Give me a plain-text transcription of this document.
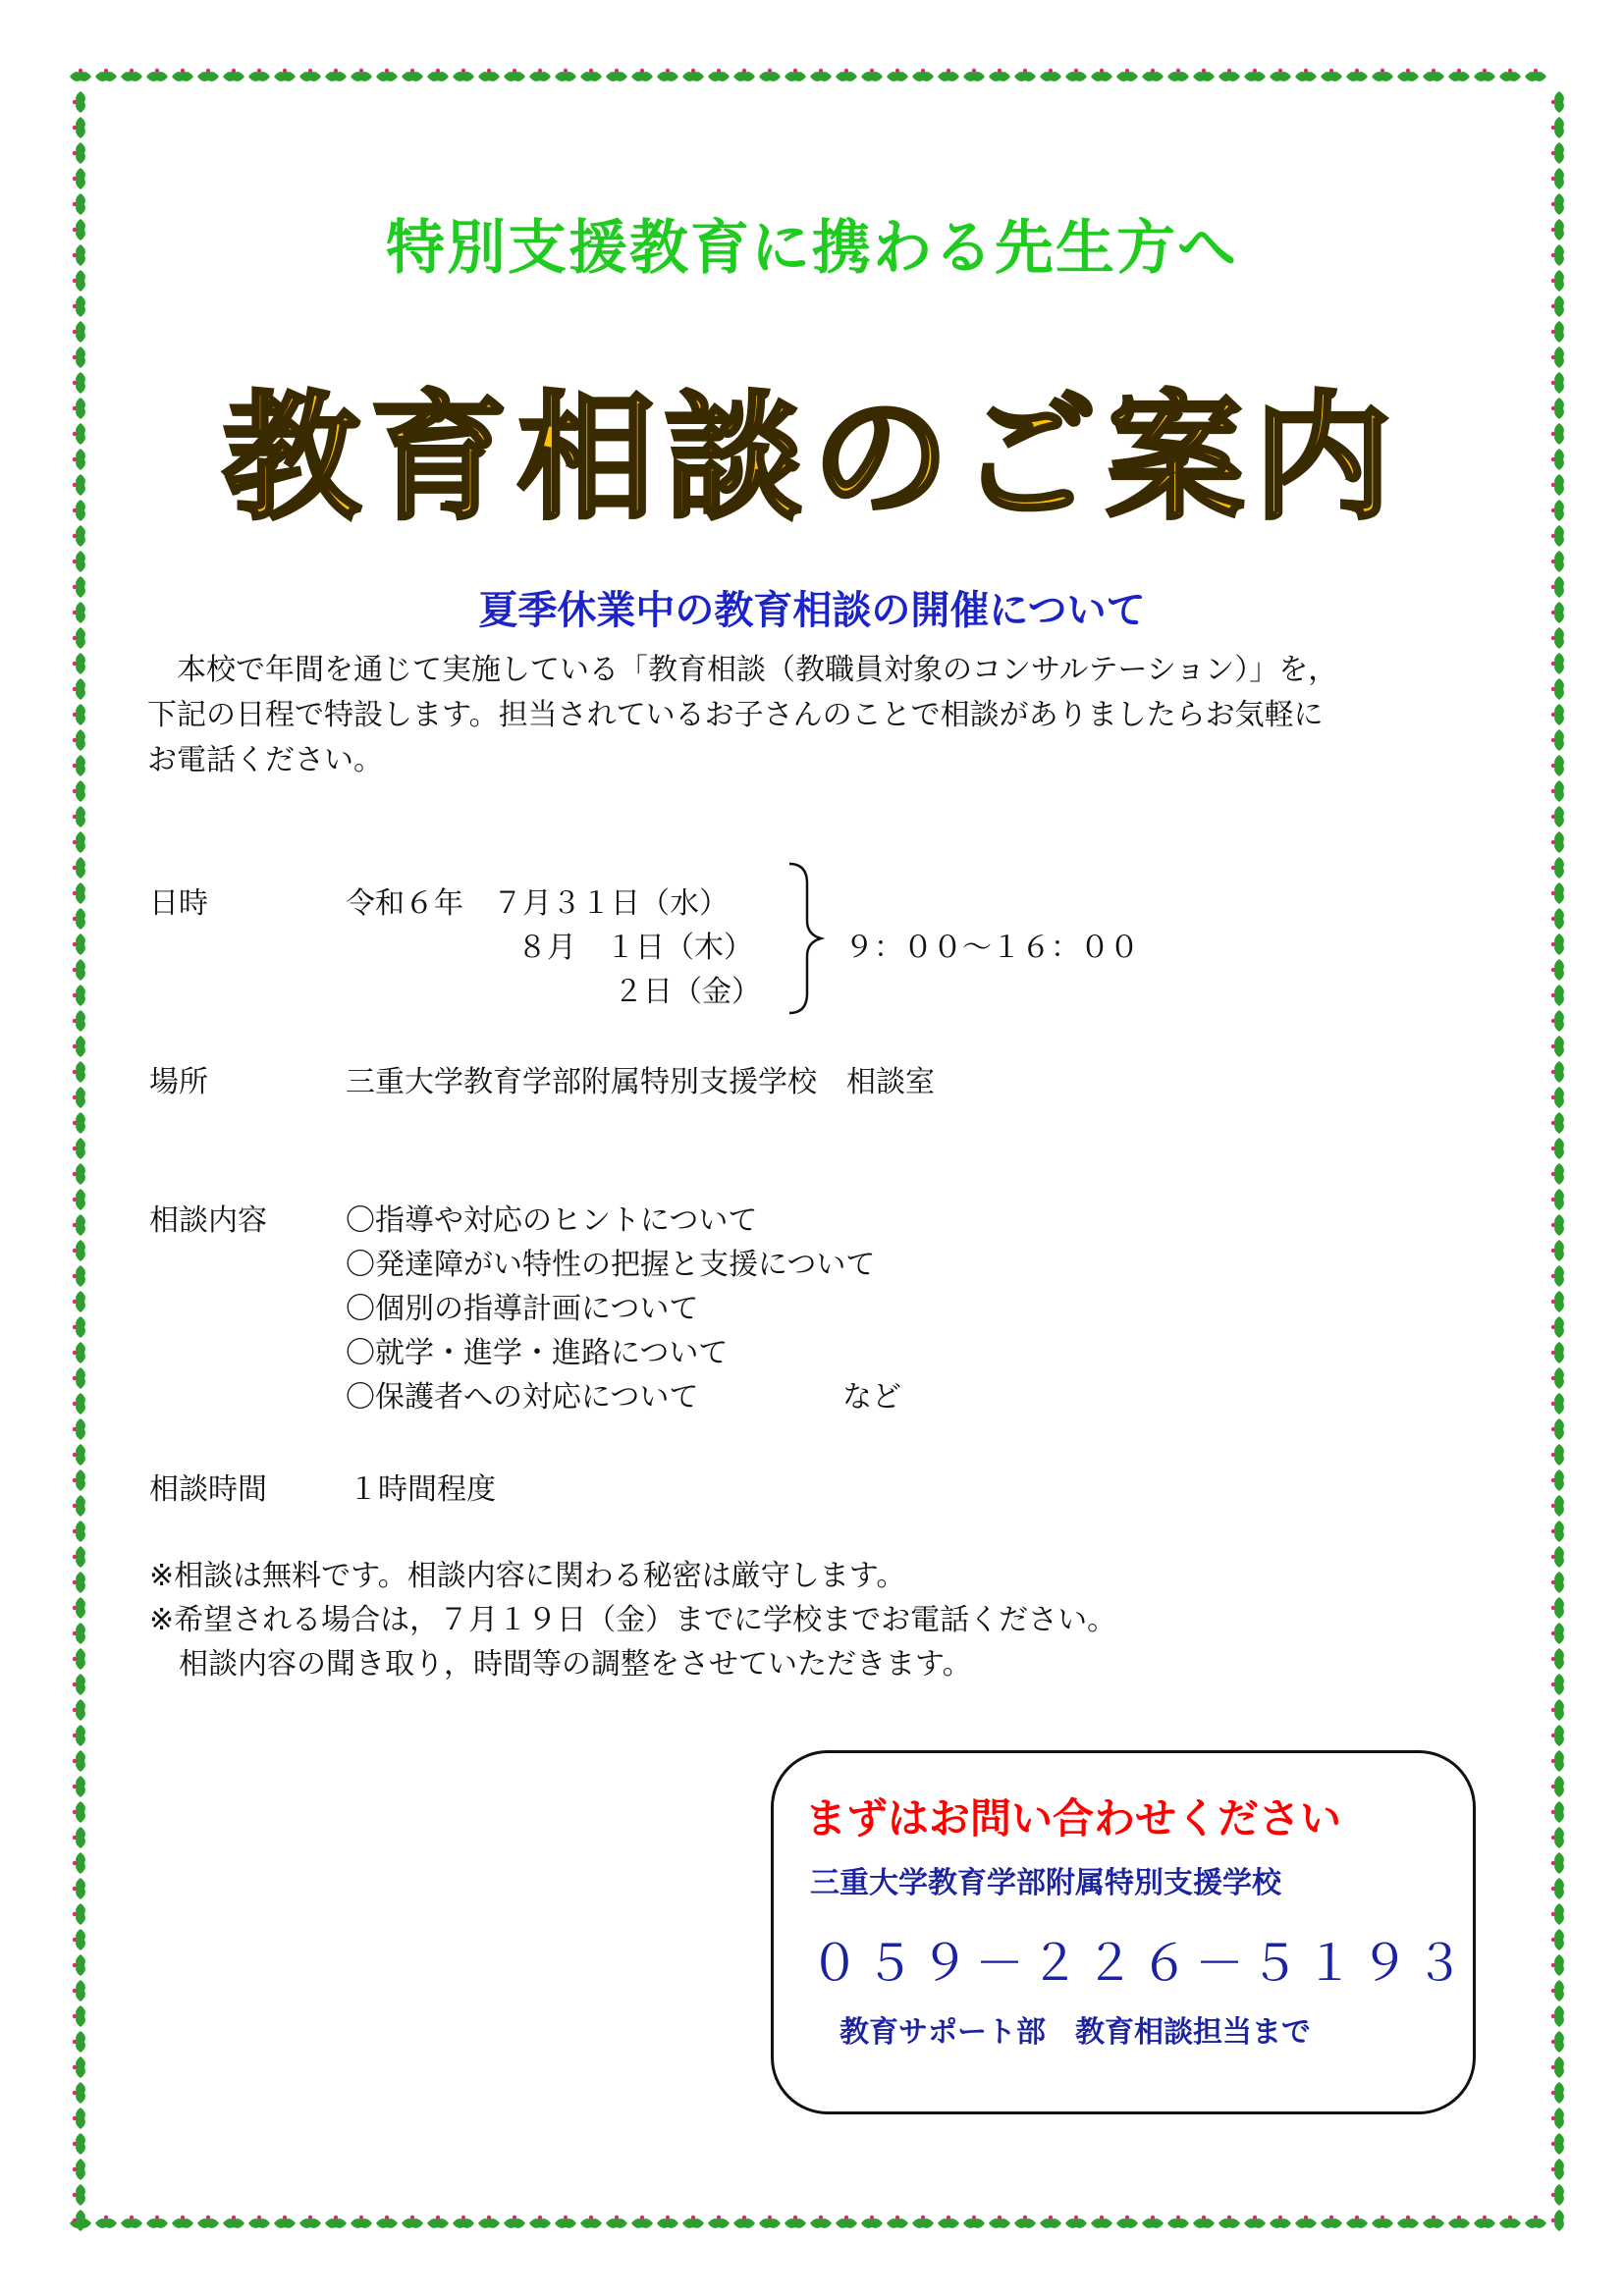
特別支援教育に携わる先生方へ
教育相談のご案内
夏季休業中の教育相談の開催について

本校で年間を通じて実施している「教育相談（教職員対象のコンサルテーション）」を，

下記の日程で特設します。担当されているお子さんのことで相談がありましたらお気軽に

お電話ください。

日時	令和６年　７月３１日（水）
８月　１日（木）
２日（金）
９：００～１６：００
場所	三重大学教育学部附属特別支援学校　相談室
相談内容	〇指導や対応のヒントについて
〇発達障がい特性の把握と支援について
〇個別の指導計画について
〇就学・進学・進路について
〇保護者への対応について	など
相談時間	１時間程度
※相談は無料です。相談内容に関わる秘密は厳守します。
※希望される場合は，７月１９日（金）までに学校までお電話ください。
相談内容の聞き取り，時間等の調整をさせていただきます。
まずはお問い合わせください
三重大学教育学部附属特別支援学校
０５９－２２６－５１９３
教育サポート部　教育相談担当まで
